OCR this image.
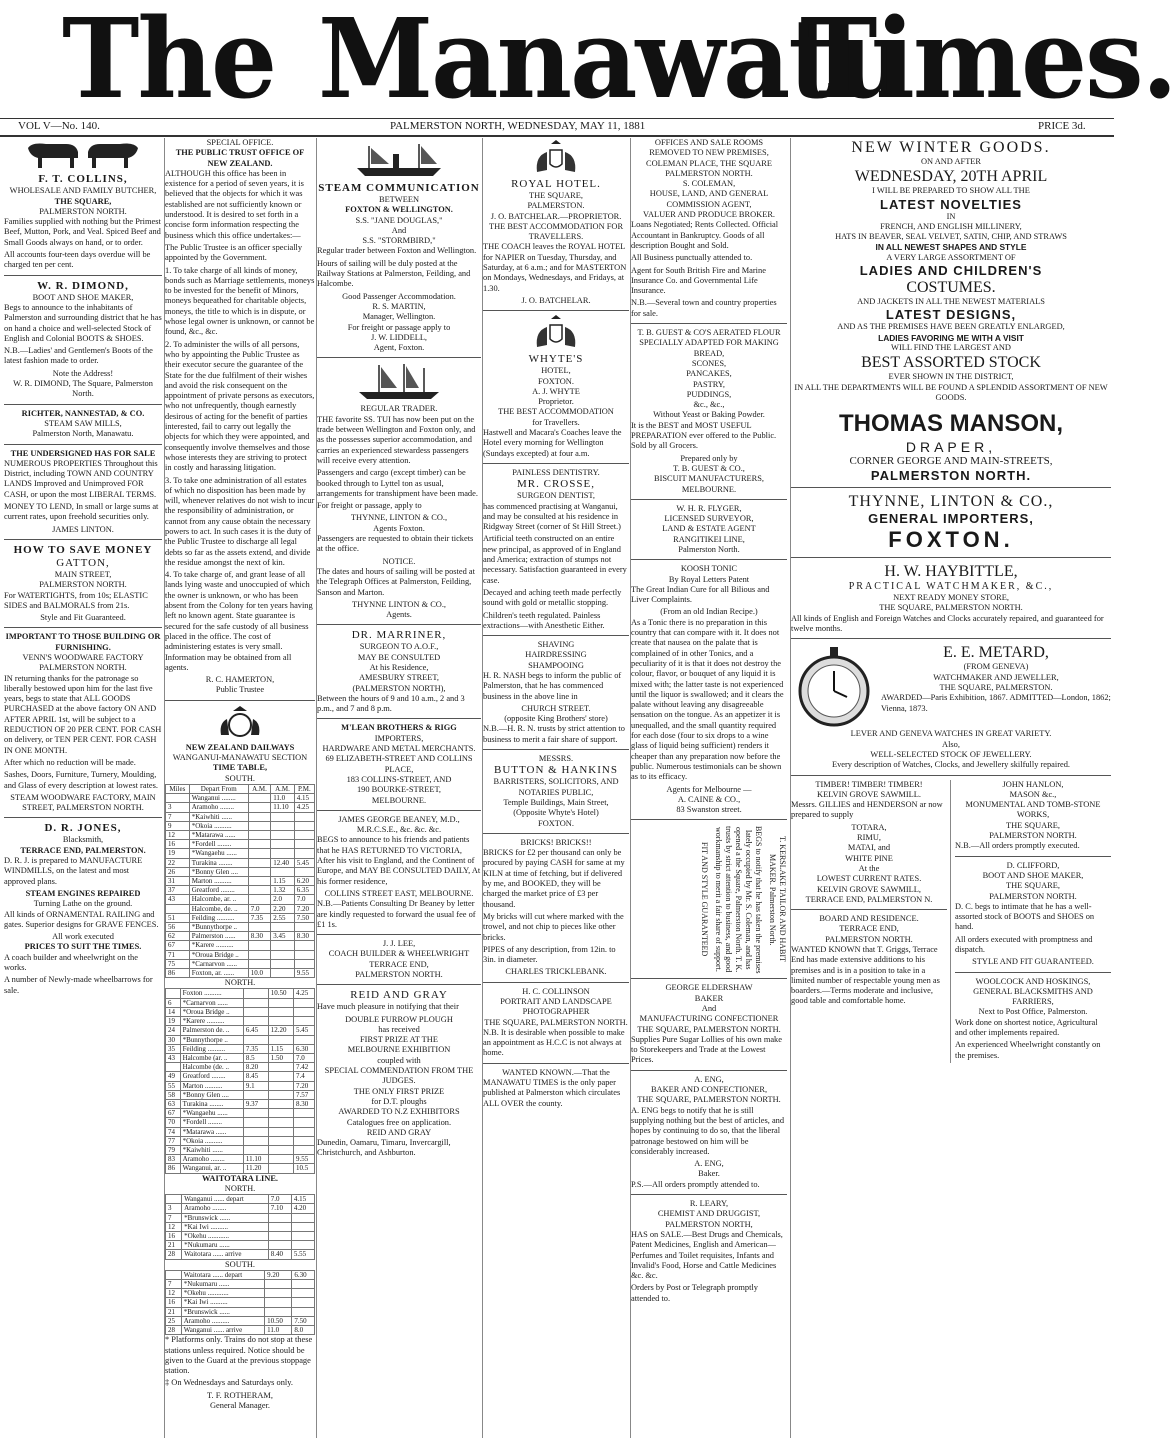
The Manawatu
Times.
VOL V—No. 140.	PALMERSTON NORTH, WEDNESDAY, MAY 11, 1881	PRICE 3d.

F. T. COLLINS,
WHOLESALE AND FAMILY BUTCHER,
THE SQUARE,
PALMERSTON NORTH.

Families supplied with nothing but the Primest Beef, Mutton, Pork, and Veal. Spiced Beef and Small Goods always on hand, or to order.

All accounts four-teen days overdue will be charged ten per cent.

W. R. DIMOND,
BOOT AND SHOE MAKER,

Begs to announce to the inhabitants of Palmerston and surrounding district that he has on hand a choice and well-selected Stock of English and Colonial BOOTS & SHOES.

N.B.—Ladies' and Gentlemen's Boots of the latest fashion made to order.

Note the Address!
W. R. DIMOND, The Square, Palmerston North.
RICHTER, NANNESTAD, & CO.
STEAM SAW MILLS,
Palmerston North, Manawatu.
THE UNDERSIGNED HAS FOR SALE

NUMEROUS PROPERTIES Throughout this District, including TOWN AND COUNTRY LANDS Improved and Unimproved FOR CASH, or upon the most LIBERAL TERMS.

MONEY TO LEND, In small or large sums at current rates, upon freehold securities only.

JAMES LINTON.
HOW TO SAVE MONEY
GATTON,
MAIN STREET,
PALMERSTON NORTH.

For WATERTIGHTS, from 10s; ELASTIC SIDES and BALMORALS from 21s.

Style and Fit Guaranteed.
IMPORTANT TO THOSE BUILDING OR FURNISHING.
VENN'S WOODWARE FACTORY PALMERSTON NORTH.

IN returning thanks for the patronage so liberally bestowed upon him for the last five years, begs to state that ALL GOODS PURCHASED at the above factory ON AND AFTER APRIL 1st, will be subject to a REDUCTION OF 20 PER CENT. FOR CASH on delivery, or TEN PER CENT. FOR CASH IN ONE MONTH.

After which no reduction will be made.

Sashes, Doors, Furniture, Turnery, Moulding, and Glass of every description at lowest rates.

STEAM WOODWARE FACTORY, MAIN STREET, PALMERSTON NORTH.
D. R. JONES,
Blacksmith,
TERRACE END, PALMERSTON.

D. R. J. is prepared to MANUFACTURE WINDMILLS, on the latest and most approved plans.

STEAM ENGINES REPAIRED
Turning Lathe on the ground.

All kinds of ORNAMENTAL RAILING and gates. Superior designs for GRAVE FENCES.

All work executed
PRICES TO SUIT THE TIMES.

A coach builder and wheelwright on the works.

A number of Newly-made wheelbarrows for sale.

SPECIAL OFFICE.
THE PUBLIC TRUST OFFICE OF NEW ZEALAND.

ALTHOUGH this office has been in existence for a period of seven years, it is believed that the objects for which it was established are not sufficiently known or understood. It is desired to set forth in a concise form information respecting the business which this office undertakes:—

The Public Trustee is an officer specially appointed by the Government.

1. To take charge of all kinds of money, bonds such as Marriage settlements, moneys to be invested for the benefit of Minors, moneys bequeathed for charitable objects, moneys, the title to which is in dispute, or whose legal owner is unknown, or cannot be found, &c., &c.

2. To administer the wills of all persons, who by appointing the Public Trustee as their executor secure the guarantee of the State for the due fulfilment of their wishes and avoid the risk consequent on the appointment of private persons as executors, who not unfrequently, though earnestly desirous of acting for the benefit of parties interested, fail to carry out legally the objects for which they were appointed, and consequently involve themselves and those whose interests they are striving to protect in costly and harassing litigation.

3. To take one administration of all estates of which no disposition has been made by will, whenever relatives do not wish to incur the responsibility of administration, or cannot from any cause obtain the necessary powers to act. In such cases it is the duty of the Public Trustee to discharge all legal debts so far as the assets extend, and divide the residue amongst the next of kin.

4. To take charge of, and grant lease of all lands lying waste and unoccupied of which the owner is unknown, or who has been absent from the Colony for ten years having left no known agent. State guarantee is secured for the safe custody of all business placed in the office. The cost of administering estates is very small. Information may be obtained from all agents.

R. C. HAMERTON,
Public Trustee
NEW ZEALAND DAILWAYS
WANGANUI-MANAWATU SECTION
TIME TABLE,
SOUTH.
Miles	Depart From	A.M.	A.M.	P.M.
	Wanganui ........		11.0	4.15
3	Aramoho ........		11.10	4.25
7	*Kaiwhiti ......			
9	*Okoia ..........			
12	*Matarawa ......			
16	*Fordell ........			
19	*Wangaehu ......			
22	Turakina ........		12.40	5.45
26	*Bonny Glen ....			
31	Marton ..........		1.15	6.20
37	Greatford ........		1.32	6.35
43	Halcombe, ar. ..		2.0	7.0
	Halcombe, de. ..	7.0	2.20	7.20
51	Feilding ..........	7.35	2.55	7.50
56	*Bunnythorpe ..			
62	Palmerston ......	8.30	3.45	8.30
67	*Karere ..........			
71	*Oroua Bridge ..			
75	*Carnarvon ......			
86	Foxton, ar. ......	10.0		9.55
NORTH.
	Foxton ..........		10.50	4.25
6	*Carnarvon ......			
14	*Oroua Bridge ..			
19	*Karere ..........			
24	Palmerston de. ..	6.45	12.20	5.45
30	*Bunnythorpe ..			
35	Feilding ..........	7.35	1.15	6.30
43	Halcombe (ar. ..	8.5	1.50	7.0
	Halcombe (de. ..	8.20		7.42
49	Greatford ........	8.45		7.4
55	Marton ..........	9.1		7.20
58	*Bonny Glen ....			7.57
63	Turakina ........	9.37		8.30
67	*Wangaehu ......			
70	*Fordell ........			
74	*Matarawa ......			
77	*Okoia ..........			
79	*Kaiwhiti ......			
83	Aramoho ........	11.10		9.55
86	Wanganui, ar. ..	11.20		10.5
WAITOTARA LINE.
NORTH.
	Wanganui ...... depart	7.0	4.15
3	Aramoho ........	7.10	4.20
7	*Brunswick ......		
12	*Kai Iwi ..........		
16	*Okehu ............		
21	*Nukumaru ......		
28	Waitotara ...... arrive	8.40	5.55
SOUTH.
	Waitotara ...... depart	9.20	6.30
7	*Nukumaru ......		
12	*Okehu ............		
16	*Kai Iwi ..........		
21	*Brunswick ......		
25	Aramoho ..........	10.50	7.50
28	Wanganui ...... arrive	11.0	8.0

* Platforms only. Trains do not stop at these stations unless required. Notice should be given to the Guard at the previous stoppage station.

‡ On Wednesdays and Saturdays only.

T. F. ROTHERAM,
General Manager.
STEAM COMMUNICATION
BETWEEN
FOXTON & WELLINGTON.
S.S. "JANE DOUGLAS,"
And
S.S. "STORMBIRD,"

Regular trader between Foxton and Wellington.

Hours of sailing will be duly posted at the Railway Stations at Palmerston, Feilding, and Halcombe.

Good Passenger Accommodation.
R. S. MARTIN,
Manager, Wellington.
For freight or passage apply to
J. W. LIDDELL,
Agent, Foxton.
REGULAR TRADER.

THE favorite SS. TUI has now been put on the trade between Wellington and Foxton only, and as the possesses superior accommodation, and carries an experienced stewardess passengers will receive every attention.

Passengers and cargo (except timber) can be booked through to Lyttel ton as usual, arrangements for transhipment have been made.

For freight or passage, apply to

THYNNE, LINTON & CO.,
Agents Foxton.

Passengers are requested to obtain their tickets at the office.

NOTICE.

The dates and hours of sailing will be posted at the Telegraph Offices at Palmerston, Feilding, Sanson and Marton.

THYNNE LINTON & CO.,
Agents.
DR. MARRINER,
SURGEON TO A.O.F.,
MAY BE CONSULTED
At his Residence,
AMESBURY STREET,
(PALMERSTON NORTH),

Between the hours of 9 and 10 a.m., 2 and 3 p.m., and 7 and 8 p.m.

M'LEAN BROTHERS & RIGG
IMPORTERS,
HARDWARE AND METAL MERCHANTS.
69 ELIZABETH-STREET AND COLLINS PLACE,
183 COLLINS-STREET, AND
190 BOURKE-STREET,
MELBOURNE.
JAMES GEORGE BEANEY, M.D., M.R.C.S.E., &c. &c. &c.

BEGS to announce to his friends and patients that he HAS RETURNED TO VICTORIA, After his visit to England, and the Continent of Europe, and MAY BE CONSULTED DAILY, At his former residence,

COLLINS STREET EAST, MELBOURNE.

N.B.—Patients Consulting Dr Beaney by letter are kindly requested to forward the usual fee of £1 1s.

J. J. LEE,
COACH BUILDER & WHEELWRIGHT
TERRACE END,
PALMERSTON NORTH.
REID AND GRAY

Have much pleasure in notifying that their

DOUBLE FURROW PLOUGH
has received
FIRST PRIZE AT THE
MELBOURNE EXHIBITION
coupled with
SPECIAL COMMENDATION FROM THE JUDGES.
THE ONLY FIRST PRIZE
for D.T. ploughs
AWARDED TO N.Z EXHIBITORS
Catalogues free on application.
REID AND GRAY

Dunedin, Oamaru, Timaru, Invercargill, Christchurch, and Ashburton.

ROYAL HOTEL.
THE SQUARE,
PALMERSTON.
J. O. BATCHELAR.—PROPRIETOR.
THE BEST ACCOMMODATION FOR TRAVELLERS.

THE COACH leaves the ROYAL HOTEL for NAPIER on Tuesday, Thursday, and Saturday, at 6 a.m.; and for MASTERTON on Mondays, Wednesdays, and Fridays, at 1.30.

J. O. BATCHELAR.
WHYTE'S
HOTEL,
FOXTON.
A. J. WHYTE
Proprietor.
THE BEST ACCOMMODATION
for Travellers.

Hastwell and Macara's Coaches leave the Hotel every morning for Wellington (Sundays excepted) at four a.m.

PAINLESS DENTISTRY.
MR. CROSSE,
SURGEON DENTIST,

has commenced practising at Wanganui, and may be consulted at his residence in Ridgway Street (corner of St Hill Street.)

Artificial teeth constructed on an entire new principal, as approved of in England and America; extraction of stumps not necessary. Satisfaction guaranteed in every case.

Decayed and aching teeth made perfectly sound with gold or metallic stopping.

Children's teeth regulated. Painless extractions—with Anesthetic Either.

SHAVING
HAIRDRESSING
SHAMPOOING

H. R. NASH begs to inform the public of Palmerston, that he has commenced business in the above line in

CHURCH STREET.
(opposite King Brothers' store)

N.B.—H. R. N. trusts by strict attention to business to merit a fair share of support.

MESSRS.
BUTTON & HANKINS
BARRISTERS, SOLICITORS, AND
NOTARIES PUBLIC,
Temple Buildings, Main Street,
(Opposite Whyte's Hotel)
FOXTON.
BRICKS! BRICKS!!

BRICKS for £2 per thousand can only be procured by paying CASH for same at my KILN at time of fetching, but if delivered by me, and BOOKED, they will be charged the market price of £3 per thousand.

My bricks will cut where marked with the trowel, and not chip to pieces like other bricks.

PIPES of any description, from 12in. to 3in. in diameter.

CHARLES TRICKLEBANK.
H. C. COLLINSON
PORTRAIT AND LANDSCAPE
PHOTOGRAPHER
THE SQUARE, PALMERSTON NORTH.

N.B. It is desirable when possible to make an appointment as H.C.C is not always at home.

WANTED KNOWN.—That the

MANAWATU TIMES is the only paper published at Palmerston which circulates ALL OVER the county.

OFFICES AND SALE ROOMS
REMOVED TO NEW PREMISES,
COLEMAN PLACE, THE SQUARE
PALMERSTON NORTH.
S. COLEMAN,
HOUSE, LAND, AND GENERAL COMMISSION AGENT,
VALUER AND PRODUCE BROKER.

Loans Negotiated; Rents Collected. Official Accountant in Bankruptcy. Goods of all description Bought and Sold.

All Business punctually attended to.

Agent for South British Fire and Marine Insurance Co. and Governmental Life Insurance.

N.B.—Several town and country properties for sale.

T. B. GUEST & CO'S AERATED FLOUR
SPECIALLY ADAPTED FOR MAKING
BREAD,
SCONES,
PANCAKES,
PASTRY,
PUDDINGS,
&c., &c.,
Without Yeast or Baking Powder.

It is the BEST and MOST USEFUL PREPARATION ever offered to the Public. Sold by all Grocers.

Prepared only by
T. B. GUEST & CO.,
BISCUIT MANUFACTURERS,
MELBOURNE.
W. H. R. FLYGER,
LICENSED SURVEYOR,
LAND & ESTATE AGENT
RANGITIKEI LINE,
Palmerston North.
KOOSH TONIC
By Royal Letters Patent

The Great Indian Cure for all Bilious and Liver Complaints.

(From an old Indian Recipe.)

As a Tonic there is no preparation in this country that can compare with it. It does not create that nausea on the palate that is complained of in other Tonics, and a peculiarity of it is that it does not destroy the colour, flavor, or bouquet of any liquid it is mixed with; the latter taste is not experienced until the liquor is swallowed; and it clears the palate without leaving any disagreeable sensation on the tongue. As an appetizer it is unequalled, and the small quantity required for each dose (four to six drops to a wine glass of liquid being sufficient) renders it cheaper than any preparation now before the public. Numerous testimonials can be shown as to its efficacy.

Agents for Melbourne —
A. CAINE & CO.,
83 Swanston street.
T. KERSLAKE TAILOR AND HABIT MAKER. Palmerston North.
BEGS to notify that he has taken the premises lately occupied by Mr. S. Coleman, and has opened a the Square, Palmerston North. T. K. trusts by strict attention to business, and good workmanship to merit a fair share of support.
FIT AND STYLE GUARANTEED
GEORGE ELDERSHAW
BAKER
And
MANUFACTURING CONFECTIONER
THE SQUARE, PALMERSTON NORTH.

Supplies Pure Sugar Lollies of his own make to Storekeepers and Trade at the Lowest Prices.

A. ENG,
BAKER AND CONFECTIONER,
THE SQUARE, PALMERSTON NORTH.

A. ENG begs to notify that he is still supplying nothing but the best of articles, and hopes by continuing to do so, that the liberal patronage bestowed on him will be considerably increased.

A. ENG,
Baker.

P.S.—All orders promptly attended to.

R. LEARY,
CHEMIST AND DRUGGIST,
PALMERSTON NORTH,

HAS on SALE.—Best Drugs and Chemicals, Patent Medicines, English and American—Perfumes and Toilet requisites, Infants and Invalid's Food, Horse and Cattle Medicines &c. &c.

Orders by Post or Telegraph promptly attended to.

NEW WINTER GOODS.
ON AND AFTER
WEDNESDAY, 20TH APRIL
I WILL BE PREPARED TO SHOW ALL THE
LATEST NOVELTIES
IN
FRENCH, AND ENGLISH MILLINERY,
HATS IN BEAVER, SEAL VELVET, SATIN, CHIP, AND STRAWS
IN ALL NEWEST SHAPES AND STYLE
A VERY LARGE ASSORTMENT OF
LADIES AND CHILDREN'S
COSTUMES.
AND JACKETS IN ALL THE NEWEST MATERIALS
LATEST DESIGNS,
AND AS THE PREMISES HAVE BEEN GREATLY ENLARGED,
LADIES FAVORING ME WITH A VISIT
WILL FIND THE LARGEST AND
BEST ASSORTED STOCK
EVER SHOWN IN THE DISTRICT,
IN ALL THE DEPARTMENTS WILL BE FOUND A SPLENDID ASSORTMENT OF NEW GOODS.
THOMAS MANSON,
DRAPER,
CORNER GEORGE AND MAIN-STREETS,
PALMERSTON NORTH.
THYNNE, LINTON & CO.,
GENERAL IMPORTERS,
FOXTON.
H. W. HAYBITTLE,
PRACTICAL WATCHMAKER, &C.,
NEXT READY MONEY STORE,
THE SQUARE, PALMERSTON NORTH.

All kinds of English and Foreign Watches and Clocks accurately repaired, and guaranteed for twelve months.

E. E. METARD,
(FROM GENEVA)
WATCHMAKER AND JEWELLER,
THE SQUARE, PALMERSTON.

AWARDED—Paris Exhibition, 1867. ADMITTED—London, 1862; Vienna, 1873.

LEVER AND GENEVA WATCHES IN GREAT VARIETY.
Also,
WELL-SELECTED STOCK OF JEWELLERY.
Every description of Watches, Clocks, and Jewellery skilfully repaired.
TIMBER! TIMBER! TIMBER!
KELVIN GROVE SAWMILL.

Messrs. GILLIES and HENDERSON ar now prepared to supply

TOTARA,
RIMU,
MATAI, and
WHITE PINE
At the
LOWEST CURRENT RATES.
KELVIN GROVE SAWMILL,
TERRACE END, PALMERSTON N.
BOARD AND RESIDENCE.
TERRACE END,
PALMERSTON NORTH.

WANTED KNOWN that T. Griggs, Terrace End has made extensive additions to his premises and is in a position to take in a limited number of respectable young men as boarders.—Terms moderate and inclusive, good table and comfortable home.

JOHN HANLON,
MASON &c.,
MONUMENTAL AND TOMB-STONE WORKS,
THE SQUARE,
PALMERSTON NORTH.

N.B.—All orders promptly executed.

D. CLIFFORD,
BOOT AND SHOE MAKER,
THE SQUARE,
PALMERSTON NORTH.

D. C. begs to intimate that he has a well-assorted stock of BOOTS and SHOES on hand.

All orders executed with promptness and dispatch.

STYLE AND FIT GUARANTEED.
WOOLCOCK AND HOSKINGS,
GENERAL BLACKSMITHS AND FARRIERS,
Next to Post Office, Palmerston.

Work done on shortest notice, Agricultural and other implements repaired.

An experienced Wheelwright constantly on the premises.
